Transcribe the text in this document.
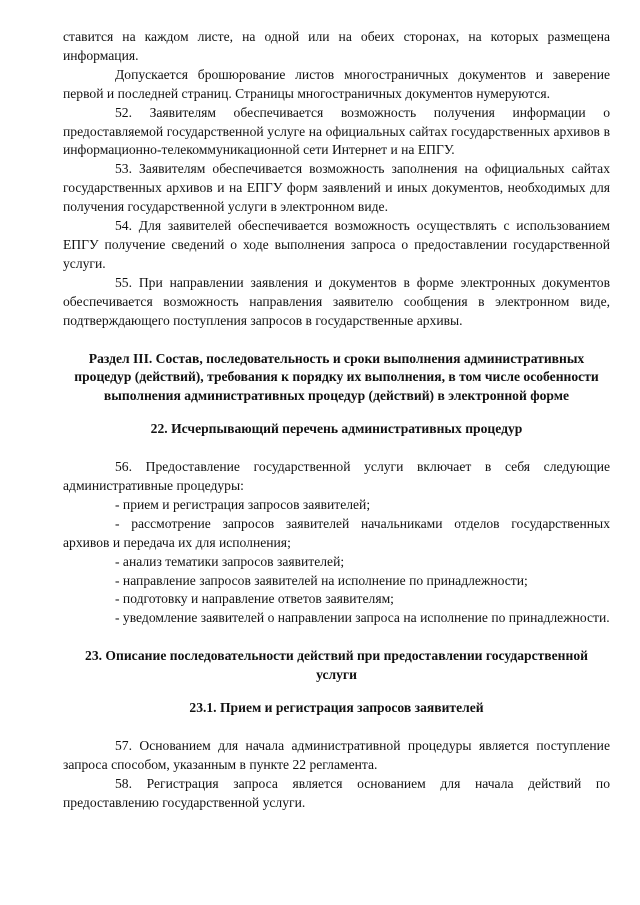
ставится на каждом листе, на одной или на обеих сторонах, на которых размещена информация.

Допускается брошюрование листов многостраничных документов и заверение первой и последней страниц. Страницы многостраничных документов нумеруются.

52. Заявителям обеспечивается возможность получения информации о предоставляемой государственной услуге на официальных сайтах государственных архивов в информационно-телекоммуникационной сети Интернет и на ЕПГУ.

53. Заявителям обеспечивается возможность заполнения на официальных сайтах государственных архивов и на ЕПГУ форм заявлений и иных документов, необходимых для получения государственной услуги в электронном виде.

54. Для заявителей обеспечивается возможность осуществлять с использованием ЕПГУ получение сведений о ходе выполнения запроса о предоставлении государственной услуги.

55. При направлении заявления и документов в форме электронных документов обеспечивается возможность направления заявителю сообщения в электронном виде, подтверждающего поступления запросов в государственные архивы.

Раздел III. Состав, последовательность и сроки выполнения административных процедур (действий), требования к порядку их выполнения, в том числе особенности выполнения административных процедур (действий) в электронной форме

22. Исчерпывающий перечень административных процедур

56. Предоставление государственной услуги включает в себя следующие административные процедуры:

- прием и регистрация запросов заявителей;

- рассмотрение запросов заявителей начальниками отделов государственных архивов и передача их для исполнения;

- анализ тематики запросов заявителей;

- направление запросов заявителей на исполнение по принадлежности;

- подготовку и направление ответов заявителям;

- уведомление заявителей о направлении запроса на исполнение по принадлежности.

23. Описание последовательности действий при предоставлении государственной услуги

23.1. Прием и регистрация запросов заявителей

57. Основанием для начала административной процедуры является поступление запроса способом, указанным в пункте 22 регламента.

58. Регистрация запроса является основанием для начала действий по предоставлению государственной услуги.
